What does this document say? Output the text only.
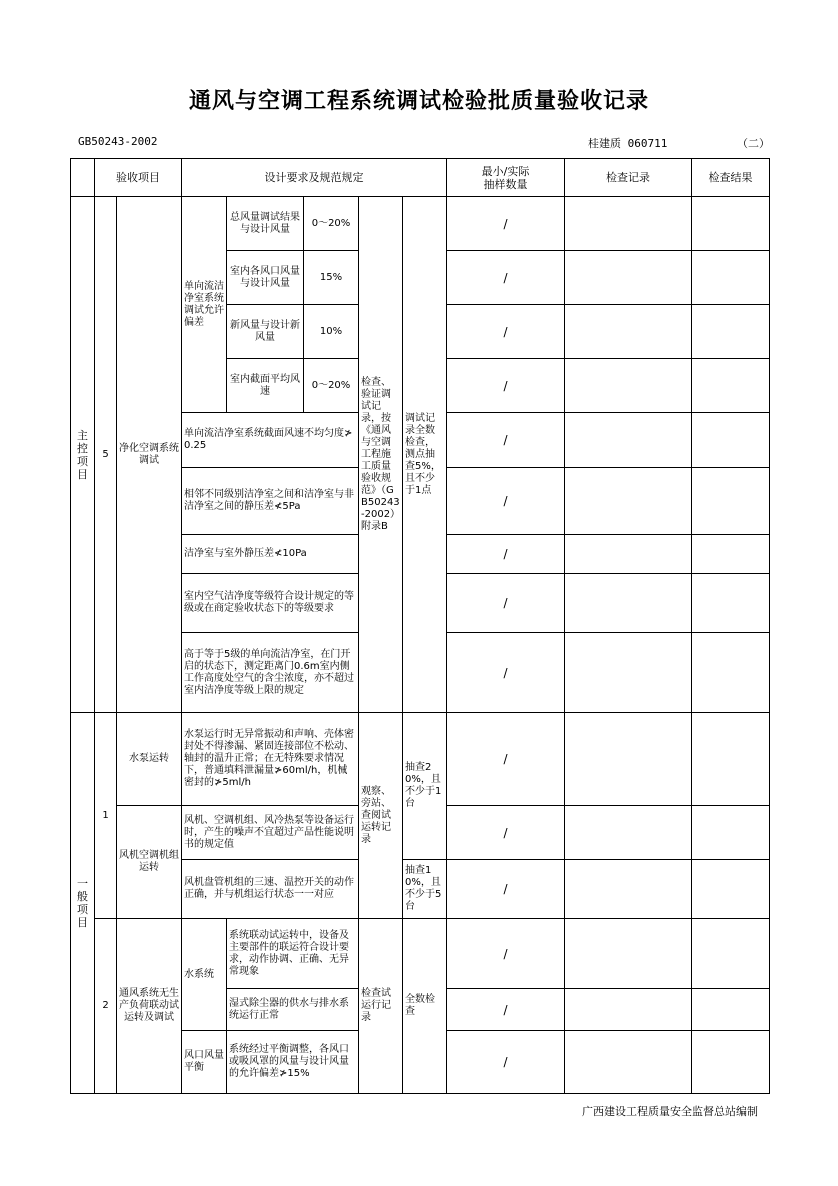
通风与空调工程系统调试检验批质量验收记录
GB50243-2002	桂建质 060711	（二）
	验收项目		设计要求及规范规定					最小/实际
抽样数量	检查记录	检查结果
主
控
项
目	5	净化空调系统调试	单向流洁净室系统调试允许偏差	总风量调试结果与设计风量	0～20%	检查、验证调试记录，按《通风与空调工程施工质量验收规范》（GB50243-2002）附录B	调试记录全数检查，测点抽查5%，且不少于1点	/		
				室内各风口风量与设计风量	15%			/		
				新风量与设计新风量	10%			/		
				室内截面平均风速	0～20%			/		
			单向流洁净室系统截面风速不均匀度≯0.25					/		
			相邻不同级别洁净室之间和洁净室与非洁净室之间的静压差≮5Pa					/		
			洁净室与室外静压差≮10Pa					/		
			室内空气洁净度等级符合设计规定的等级或在商定验收状态下的等级要求					/		
			高于等于5级的单向流洁净室，在门开启的状态下，测定距离门0.6m室内侧工作高度处空气的含尘浓度，亦不超过室内洁净度等级上限的规定					/		
一
般
项
目	1	水泵运转	水泵运行时无异常振动和声响、壳体密封处不得渗漏、紧固连接部位不松动、轴封的温升正常；在无特殊要求情况下，普通填料泄漏量≯60ml/h，机械密封的≯5ml/h			观察、旁站、查阅试运转记录	抽查20%，且不少于1台	/		
		风机空调机组运转	风机、空调机组、风冷热泵等设备运行时，产生的噪声不宜超过产品性能说明书的规定值					/		
			风机盘管机组的三速、温控开关的动作正确，并与机组运行状态一一对应				抽查10%，且不少于5台	/		
	2	通风系统无生产负荷联动试运转及调试	水系统	系统联动试运转中，设备及主要部件的联运符合设计要求，动作协调、正确、无异常现象		检查试运行记录	全数检查	/		
				湿式除尘器的供水与排水系统运行正常				/		
			风口风量平衡	系统经过平衡调整，各风口或吸风罩的风量与设计风量的允许偏差≯15%				/		
广西建设工程质量安全监督总站编制
